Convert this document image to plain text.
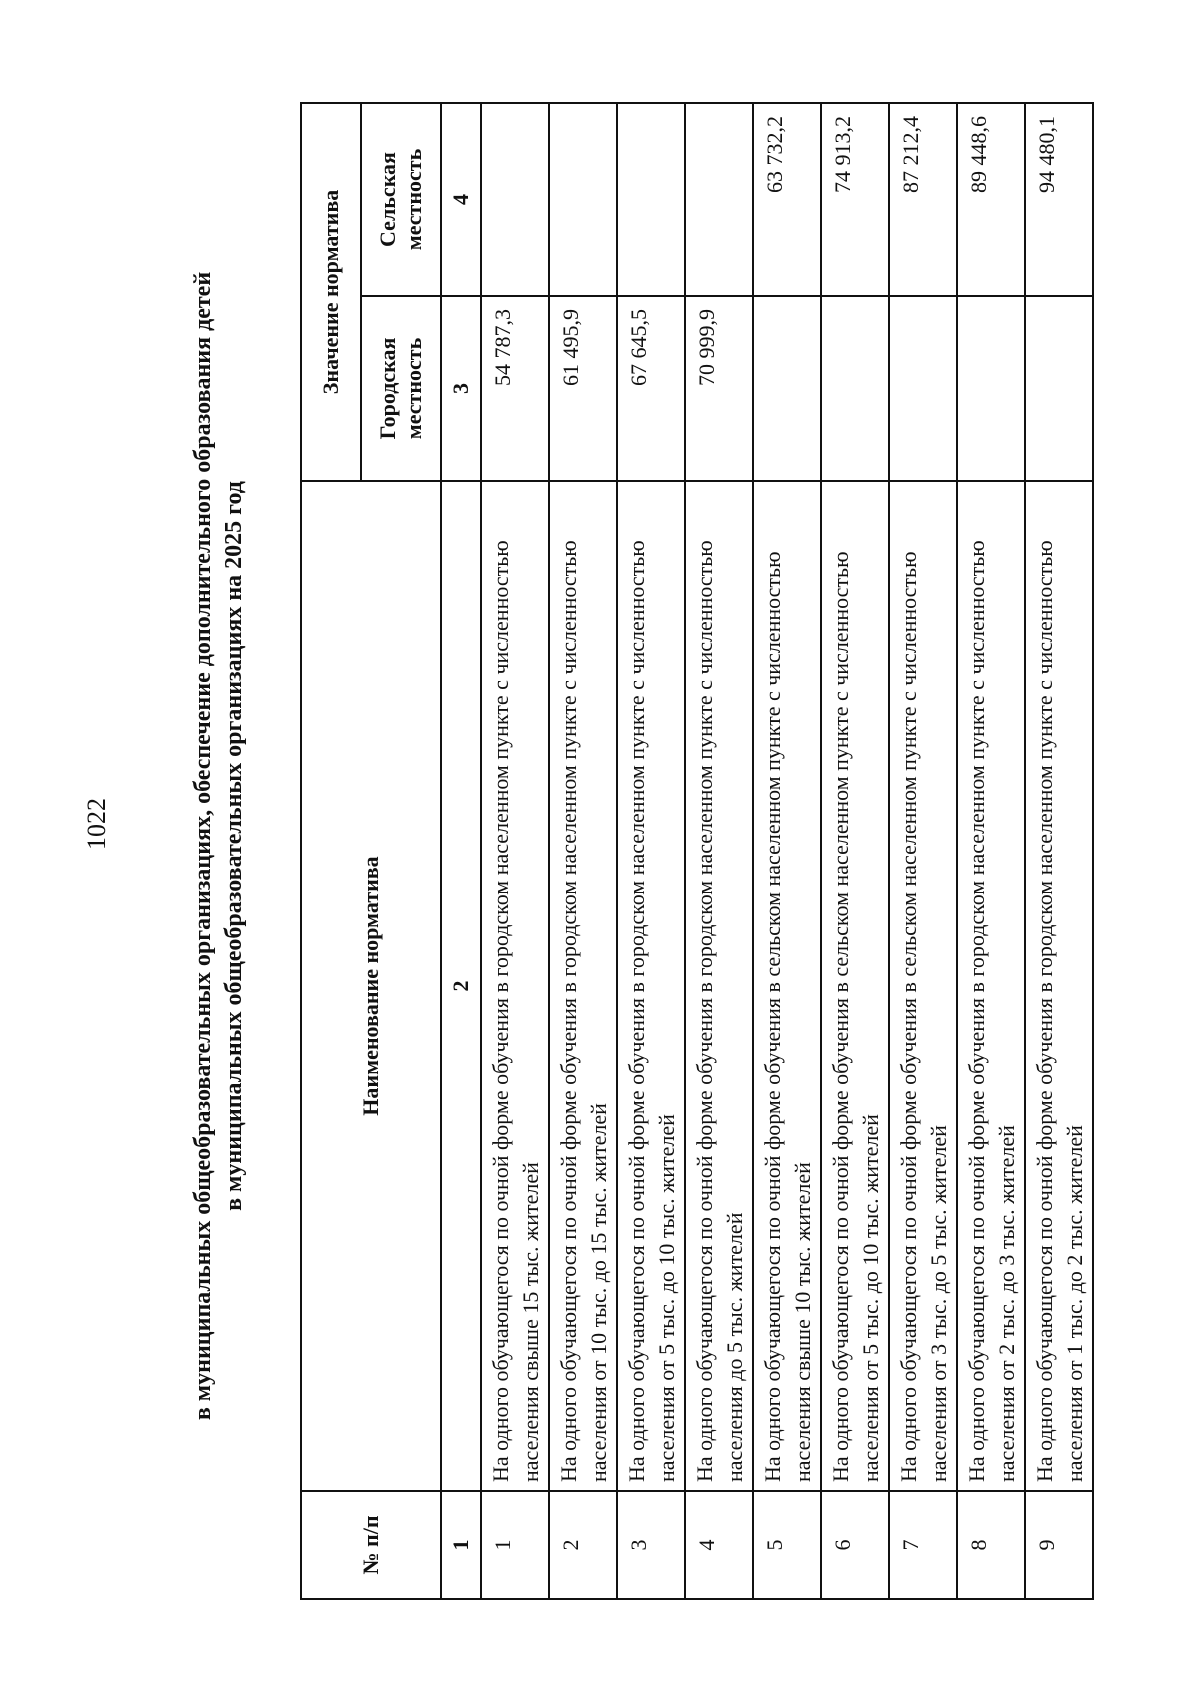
1022	в муниципальных общеобразовательных организациях, обеспечение дополнительного образования детей в муниципальных общеобразовательных организациях на 2025 год
№ п/п	Наименование норматива	Значение норматива	
		Городская местность	Сельская местность
1	2	3	4
1	На одного обучающегося по очной форме обучения в городском населенном пункте с численностью населения свыше 15 тыс. жителей	54 787,3	
2	На одного обучающегося по очной форме обучения в городском населенном пункте с численностью населения от 10 тыс. до 15 тыс. жителей	61 495,9	
3	На одного обучающегося по очной форме обучения в городском населенном пункте с численностью населения от 5 тыс. до 10 тыс. жителей	67 645,5	
4	На одного обучающегося по очной форме обучения в городском населенном пункте с численностью населения до 5 тыс. жителей	70 999,9	
5	На одного обучающегося по очной форме обучения в сельском населенном пункте с численностью населения свыше 10 тыс. жителей		63 732,2
6	На одного обучающегося по очной форме обучения в сельском населенном пункте с численностью населения от 5 тыс. до 10 тыс. жителей		74 913,2
7	На одного обучающегося по очной форме обучения в сельском населенном пункте с численностью населения от 3 тыс. до 5 тыс. жителей		87 212,4
8	На одного обучающегося по очной форме обучения в городском населенном пункте с численностью населения от 2 тыс. до 3 тыс. жителей		89 448,6
9	На одного обучающегося по очной форме обучения в городском населенном пункте с численностью населения от 1 тыс. до 2 тыс. жителей		94 480,1
